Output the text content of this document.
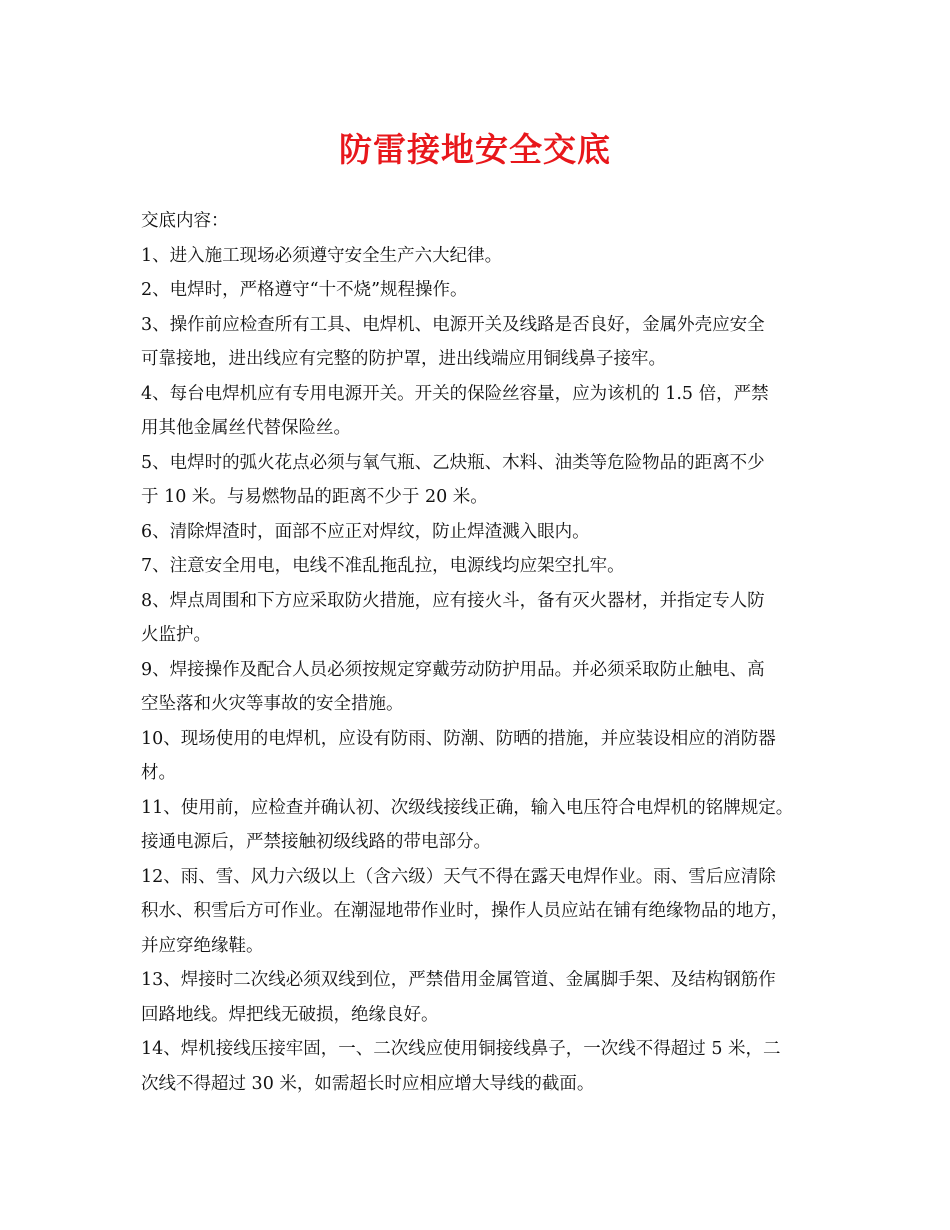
防雷接地安全交底
交底内容：
1、进入施工现场必须遵守安全生产六大纪律。
2、电焊时，严格遵守“十不烧”规程操作。
3、操作前应检查所有工具、电焊机、电源开关及线路是否良好，金属外壳应安全
可靠接地，进出线应有完整的防护罩，进出线端应用铜线鼻子接牢。
4、每台电焊机应有专用电源开关。开关的保险丝容量，应为该机的 1.5 倍，严禁
用其他金属丝代替保险丝。
5、电焊时的弧火花点必须与氧气瓶、乙炔瓶、木料、油类等危险物品的距离不少
于 10 米。与易燃物品的距离不少于 20 米。
6、清除焊渣时，面部不应正对焊纹，防止焊渣溅入眼内。
7、注意安全用电，电线不准乱拖乱拉，电源线均应架空扎牢。
8、焊点周围和下方应采取防火措施，应有接火斗，备有灭火器材，并指定专人防
火监护。
9、焊接操作及配合人员必须按规定穿戴劳动防护用品。并必须采取防止触电、高
空坠落和火灾等事故的安全措施。
10、现场使用的电焊机，应设有防雨、防潮、防晒的措施，并应装设相应的消防器
材。
11、使用前，应检查并确认初、次级线接线正确，输入电压符合电焊机的铭牌规定。
接通电源后，严禁接触初级线路的带电部分。
12、雨、雪、风力六级以上（含六级）天气不得在露天电焊作业。雨、雪后应清除
积水、积雪后方可作业。在潮湿地带作业时，操作人员应站在铺有绝缘物品的地方，
并应穿绝缘鞋。
13、焊接时二次线必须双线到位，严禁借用金属管道、金属脚手架、及结构钢筋作
回路地线。焊把线无破损，绝缘良好。
14、焊机接线压接牢固，一、二次线应使用铜接线鼻子，一次线不得超过 5 米，二
次线不得超过 30 米，如需超长时应相应增大导线的截面。
